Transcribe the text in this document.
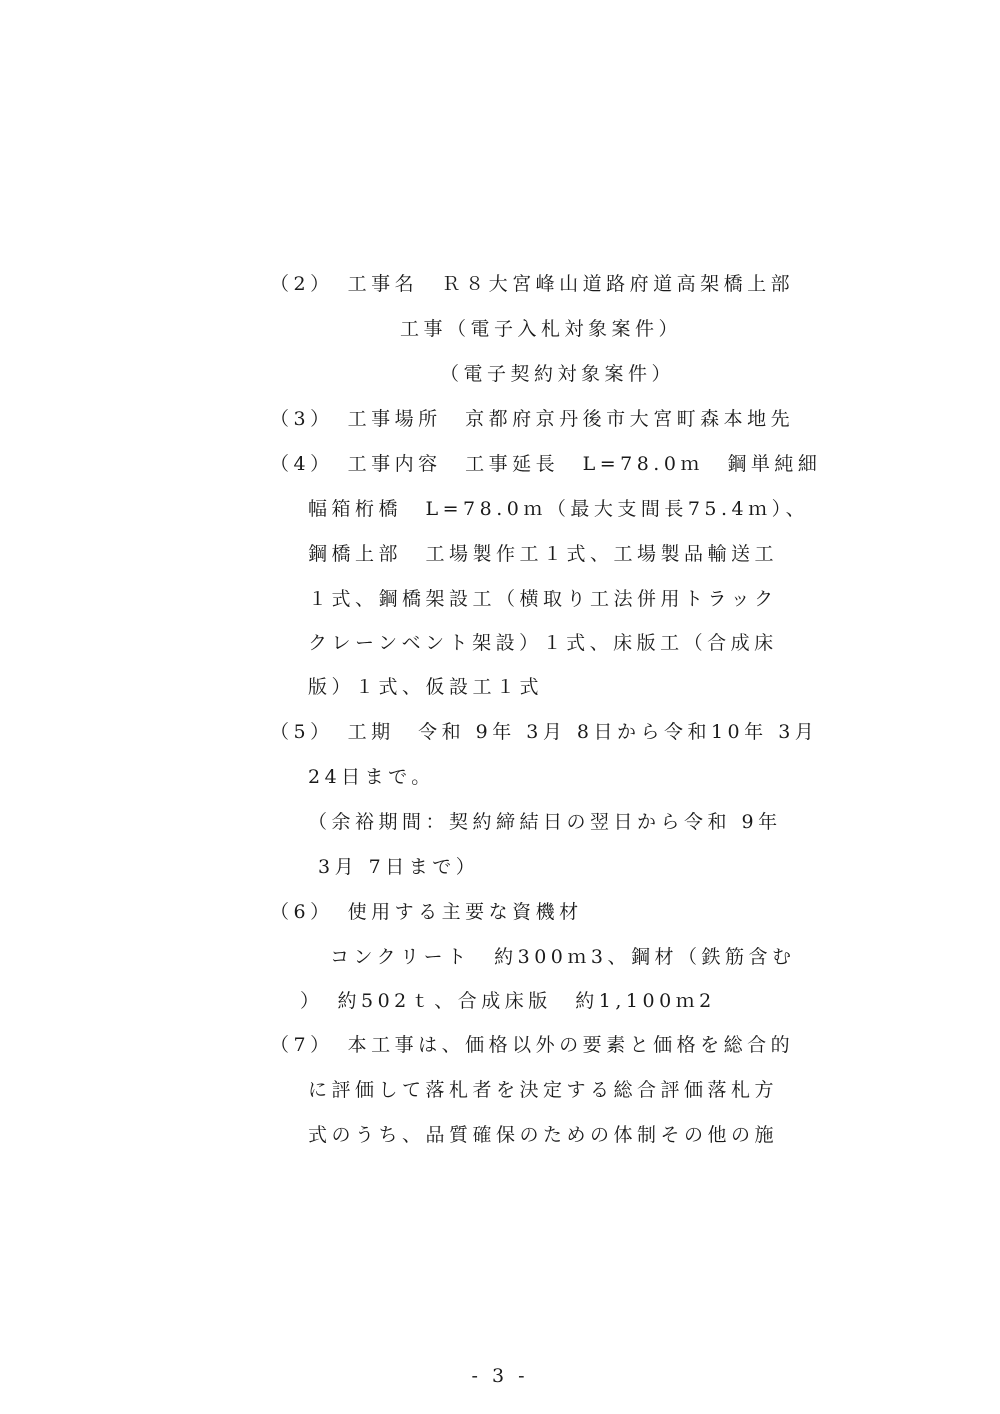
（2）　工事名　Ｒ８大宮峰山道路府道高架橋上部
工事（電子入札対象案件）
（電子契約対象案件）
（3）　工事場所　京都府京丹後市大宮町森本地先
（4）　工事内容　工事延長　L=78.0ｍ　鋼単純細
幅箱桁橋　L=78.0ｍ（最大支間長75.4ｍ）、
鋼橋上部　工場製作工１式、工場製品輸送工
１式、鋼橋架設工（横取り工法併用トラック
クレーンベント架設）１式、床版工（合成床
版）１式、仮設工１式
（5）　工期　令和 9年 3月 8日から令和10年 3月
24日まで。
（余裕期間：契約締結日の翌日から令和 9年
3月 7日まで）
（6）　使用する主要な資機材
コンクリート　約300ｍ3、鋼材（鉄筋含む
）　約502ｔ、合成床版　約1,100ｍ2
（7）　本工事は、価格以外の要素と価格を総合的
に評価して落札者を決定する総合評価落札方
式のうち、品質確保のための体制その他の施
- 3 -
